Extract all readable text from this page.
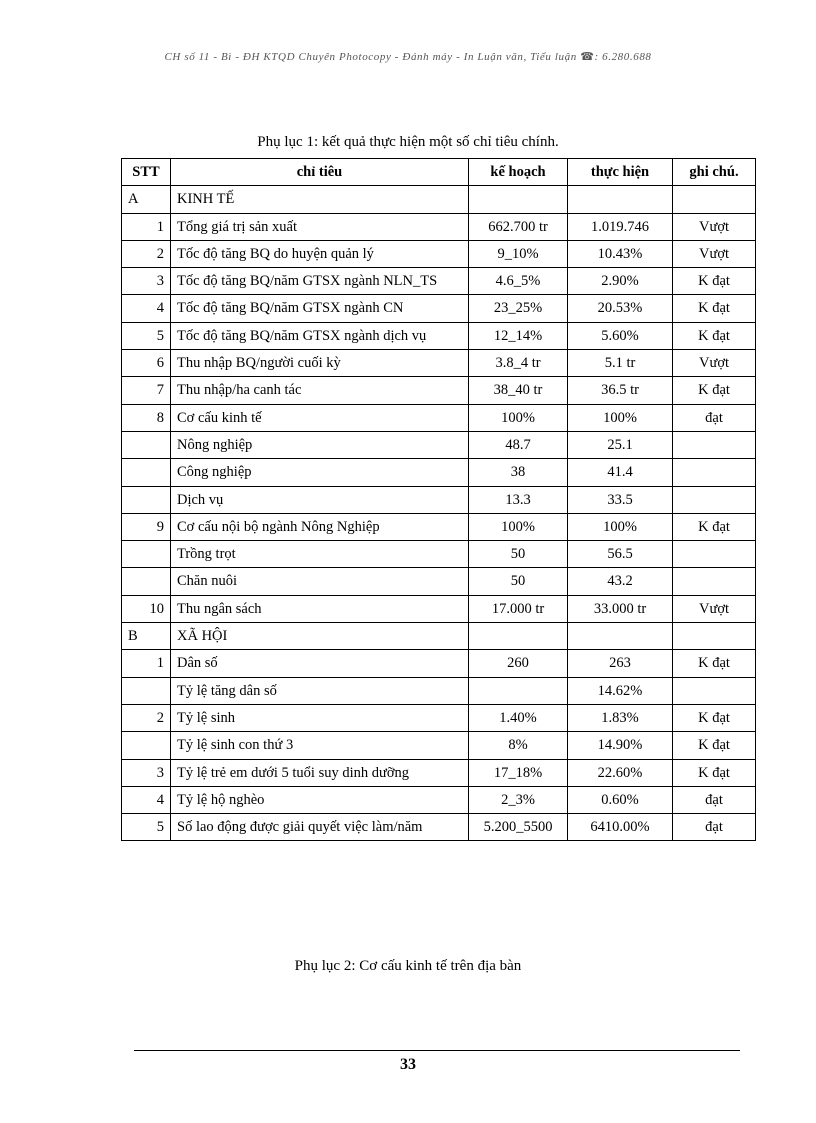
CH số 11 - Bì - ĐH KTQD Chuyên Photocopy - Đánh máy - In Luận văn, Tiểu luận ☎: 6.280.688
Phụ lục 1: kết quả thực hiện một số chỉ tiêu chính.
STT	chỉ tiêu	kế hoạch	thực hiện	ghi chú.
A	KINH TẾ			
1	Tổng giá trị sản xuất	662.700 tr	1.019.746	Vượt
2	Tốc độ tăng BQ do huyện quản lý	9_10%	10.43%	Vượt
3	Tốc độ tăng BQ/năm GTSX ngành NLN_TS	4.6_5%	2.90%	K đạt
4	Tốc độ tăng BQ/năm GTSX ngành CN	23_25%	20.53%	K đạt
5	Tốc độ tăng BQ/năm GTSX ngành dịch vụ	12_14%	5.60%	K đạt
6	Thu nhập BQ/người cuối kỳ	3.8_4 tr	5.1 tr	Vượt
7	Thu nhập/ha canh tác	38_40 tr	36.5 tr	K đạt
8	Cơ cấu kinh tế	100%	100%	đạt
	Nông nghiệp	48.7	25.1	
	Công nghiệp	38	41.4	
	Dịch vụ	13.3	33.5	
9	Cơ cấu nội bộ ngành Nông Nghiệp	100%	100%	K đạt
	Trồng trọt	50	56.5	
	Chăn nuôi	50	43.2	
10	Thu ngân sách	17.000 tr	33.000 tr	Vượt
B	XÃ HỘI			
1	Dân số	260	263	K đạt
	Tỷ lệ tăng dân số		14.62%	
2	Tỷ lệ sinh	1.40%	1.83%	K đạt
	Tỷ lệ sinh con thứ 3	8%	14.90%	K đạt
3	Tỷ lệ trẻ em dưới 5 tuổi suy dinh dưỡng	17_18%	22.60%	K đạt
4	Tỷ lệ hộ nghèo	2_3%	0.60%	đạt
5	Số lao động được giải quyết việc làm/năm	5.200_5500	6410.00%	đạt
Phụ lục 2: Cơ cấu kinh tế trên địa bàn
33
